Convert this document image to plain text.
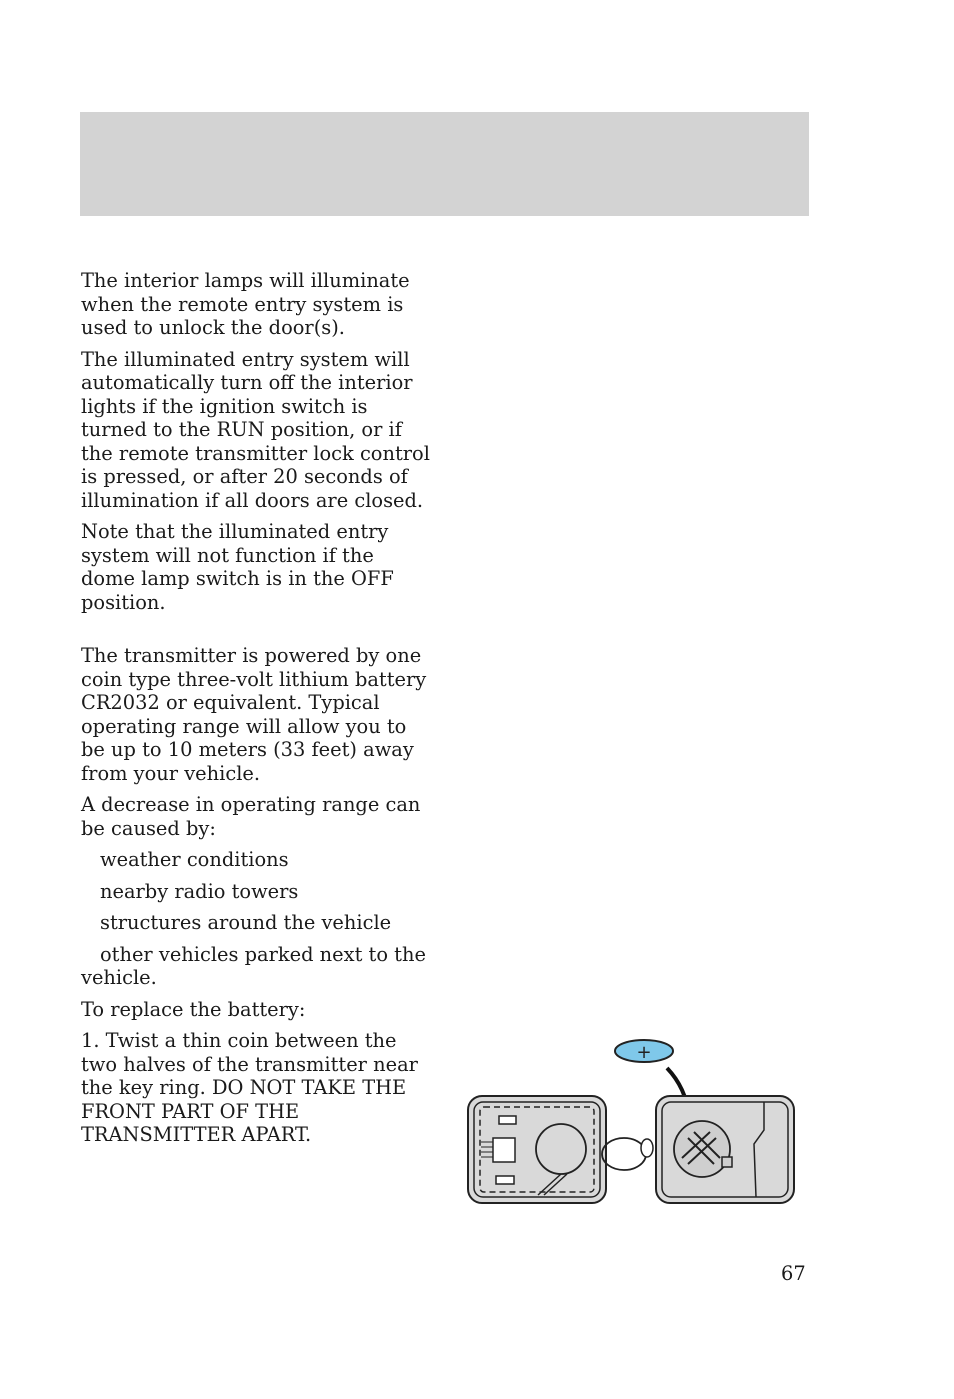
The interior lamps will illuminate when the remote entry system is used to unlock the door(s).

The illuminated entry system will automatically turn off the interior lights if the ignition switch is turned to the RUN position, or if the remote transmitter lock control is pressed, or after 20 seconds of illumination if all doors are closed.

Note that the illuminated entry system will not function if the dome lamp switch is in the OFF position.

The transmitter is powered by one coin type three-volt lithium battery CR2032 or equivalent. Typical operating range will allow you to be up to 10 meters (33 feet) away from your vehicle.

A decrease in operating range can be caused by:

weather conditions

nearby radio towers

structures around the vehicle

other vehicles parked next to the vehicle.

To replace the battery:

1. Twist a thin coin between the two halves of the transmitter near the key ring. DO NOT TAKE THE FRONT PART OF THE TRANSMITTER APART.

+
67
